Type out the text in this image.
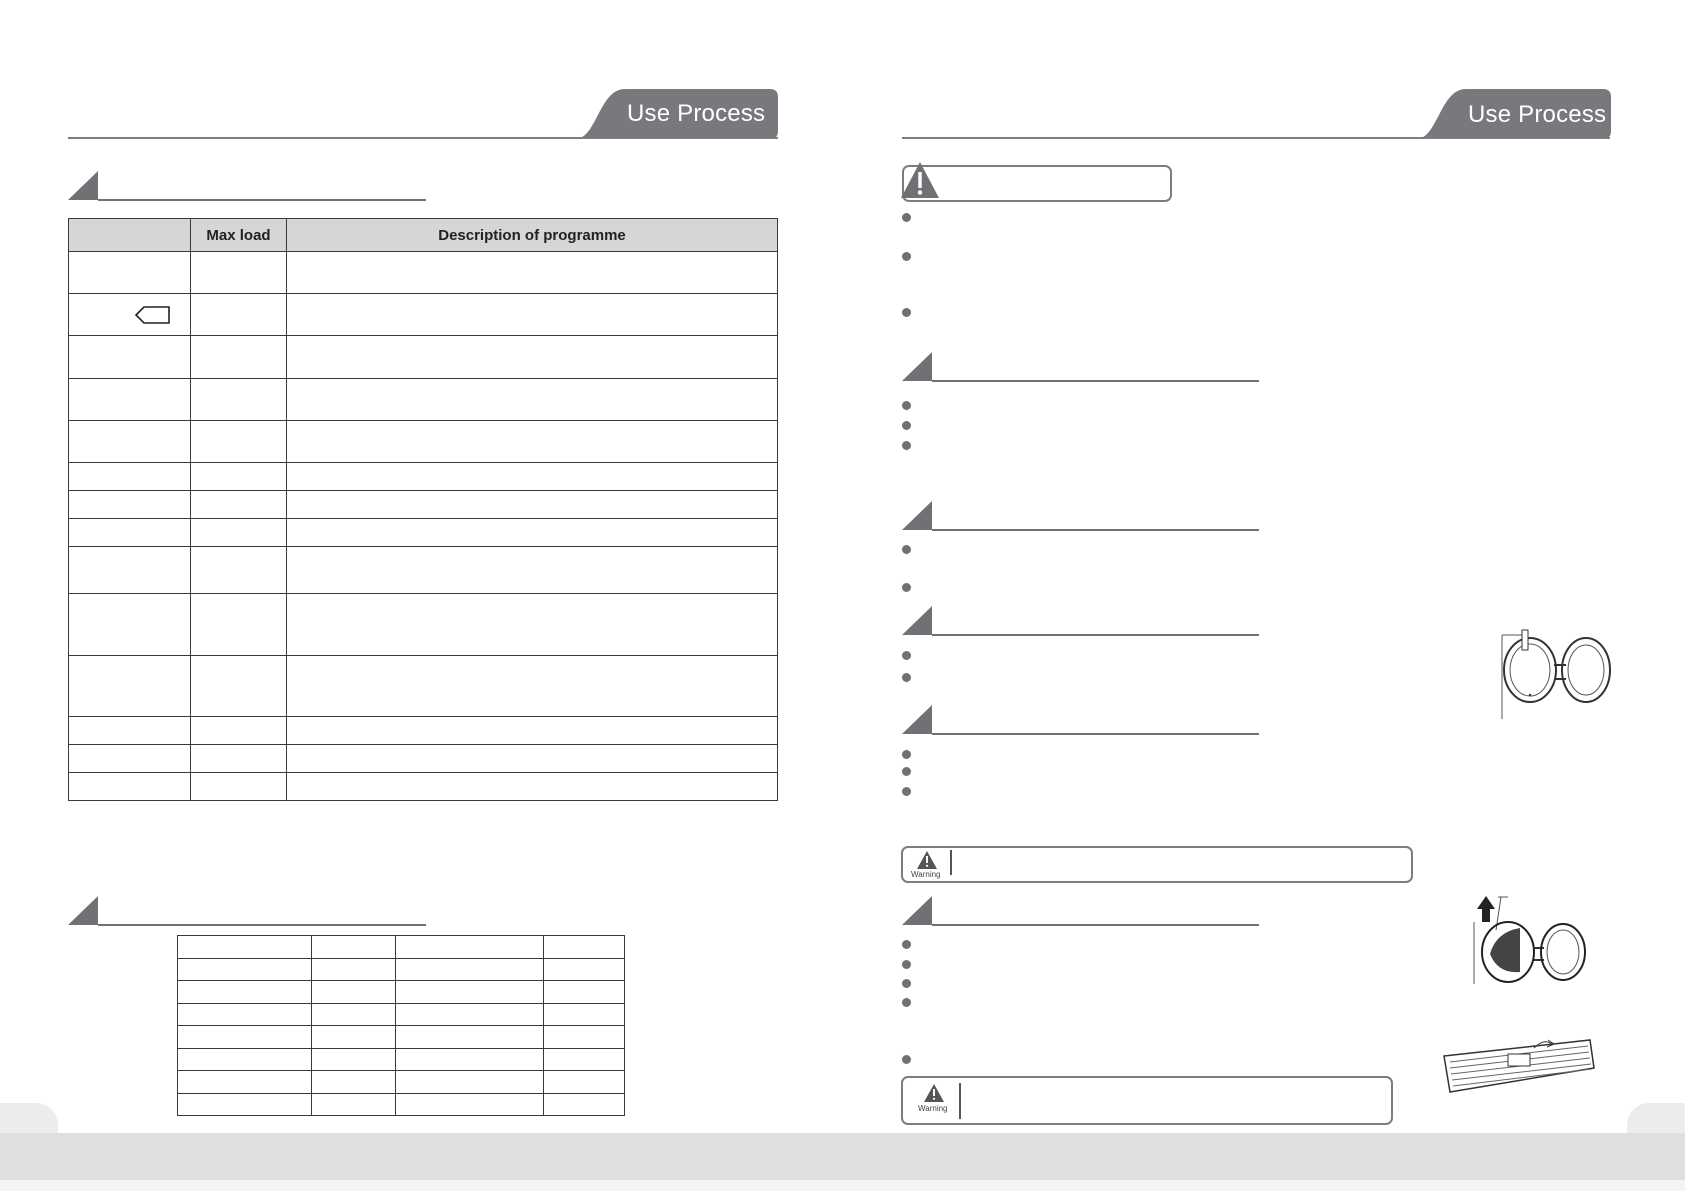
Use Process
	Max load	Description of programme

Use Process
Warning
Warning
